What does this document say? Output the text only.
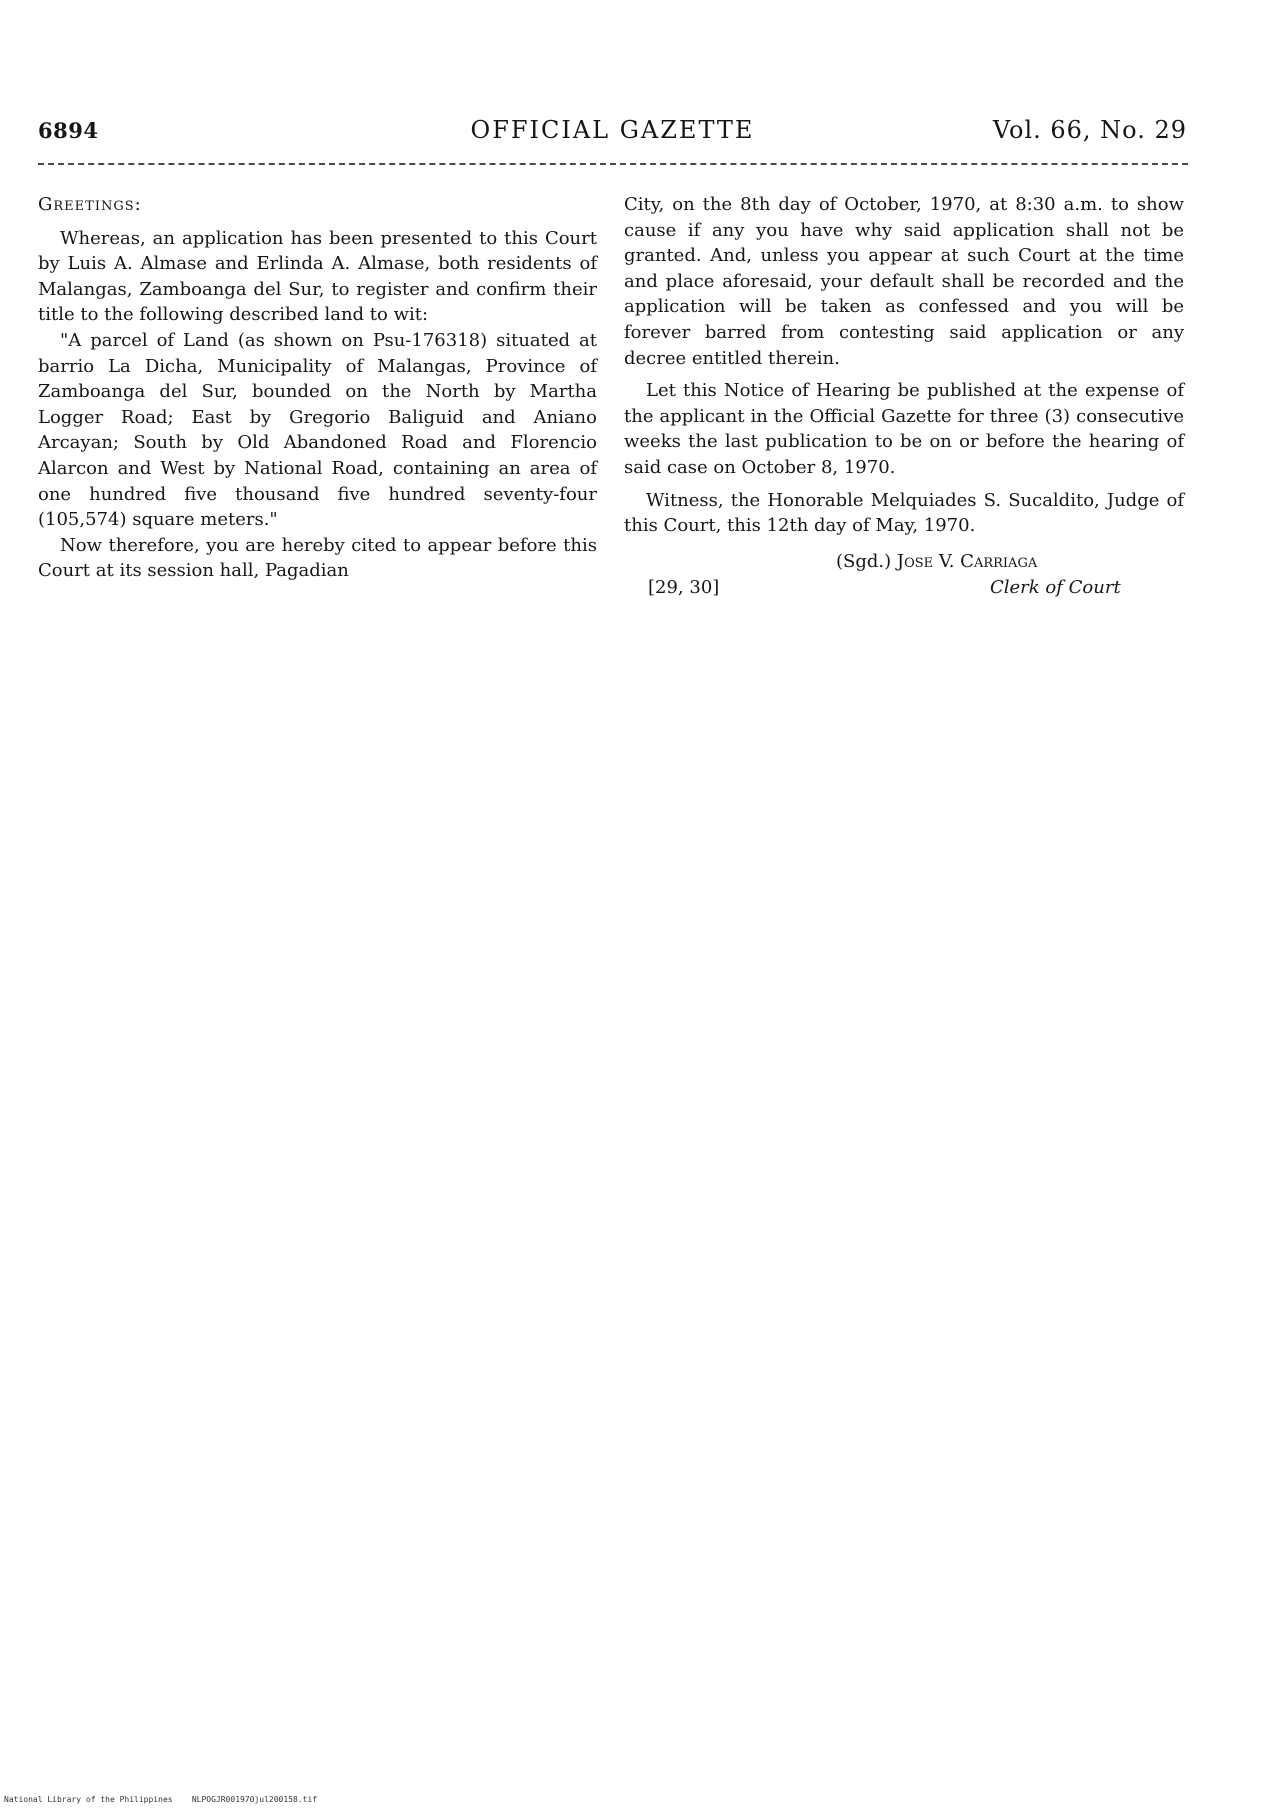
6894	OFFICIAL GAZETTE	Vol. 66, No. 29

Greetings:

Whereas, an application has been presented to this Court by Luis A. Almase and Erlinda A. Almase, both residents of Malangas, Zamboanga del Sur, to register and confirm their title to the following described land to wit:

"A parcel of Land (as shown on Psu-176318) situated at barrio La Dicha, Municipality of Malangas, Province of Zamboanga del Sur, bounded on the North by Martha Logger Road; East by Gregorio Baliguid and Aniano Arcayan; South by Old Abandoned Road and Florencio Alarcon and West by National Road, containing an area of one hundred five thousand five hundred seventy-four (105,574) square meters."

Now therefore, you are hereby cited to appear before this Court at its session hall, Pagadian

City, on the 8th day of October, 1970, at 8:30 a.m. to show cause if any you have why said application shall not be granted. And, unless you appear at such Court at the time and place aforesaid, your default shall be recorded and the application will be taken as confessed and you will be forever barred from contesting said application or any decree entitled therein.

Let this Notice of Hearing be published at the expense of the applicant in the Official Gazette for three (3) consecutive weeks the last publication to be on or before the hearing of said case on October 8, 1970.

Witness, the Honorable Melquiades S. Sucaldito, Judge of this Court, this 12th day of May, 1970.

(Sgd.) Jose V. Carriaga
[29, 30]	Clerk of Court
National Library of the Philippines NLPOGJR001970jul200158.tif
